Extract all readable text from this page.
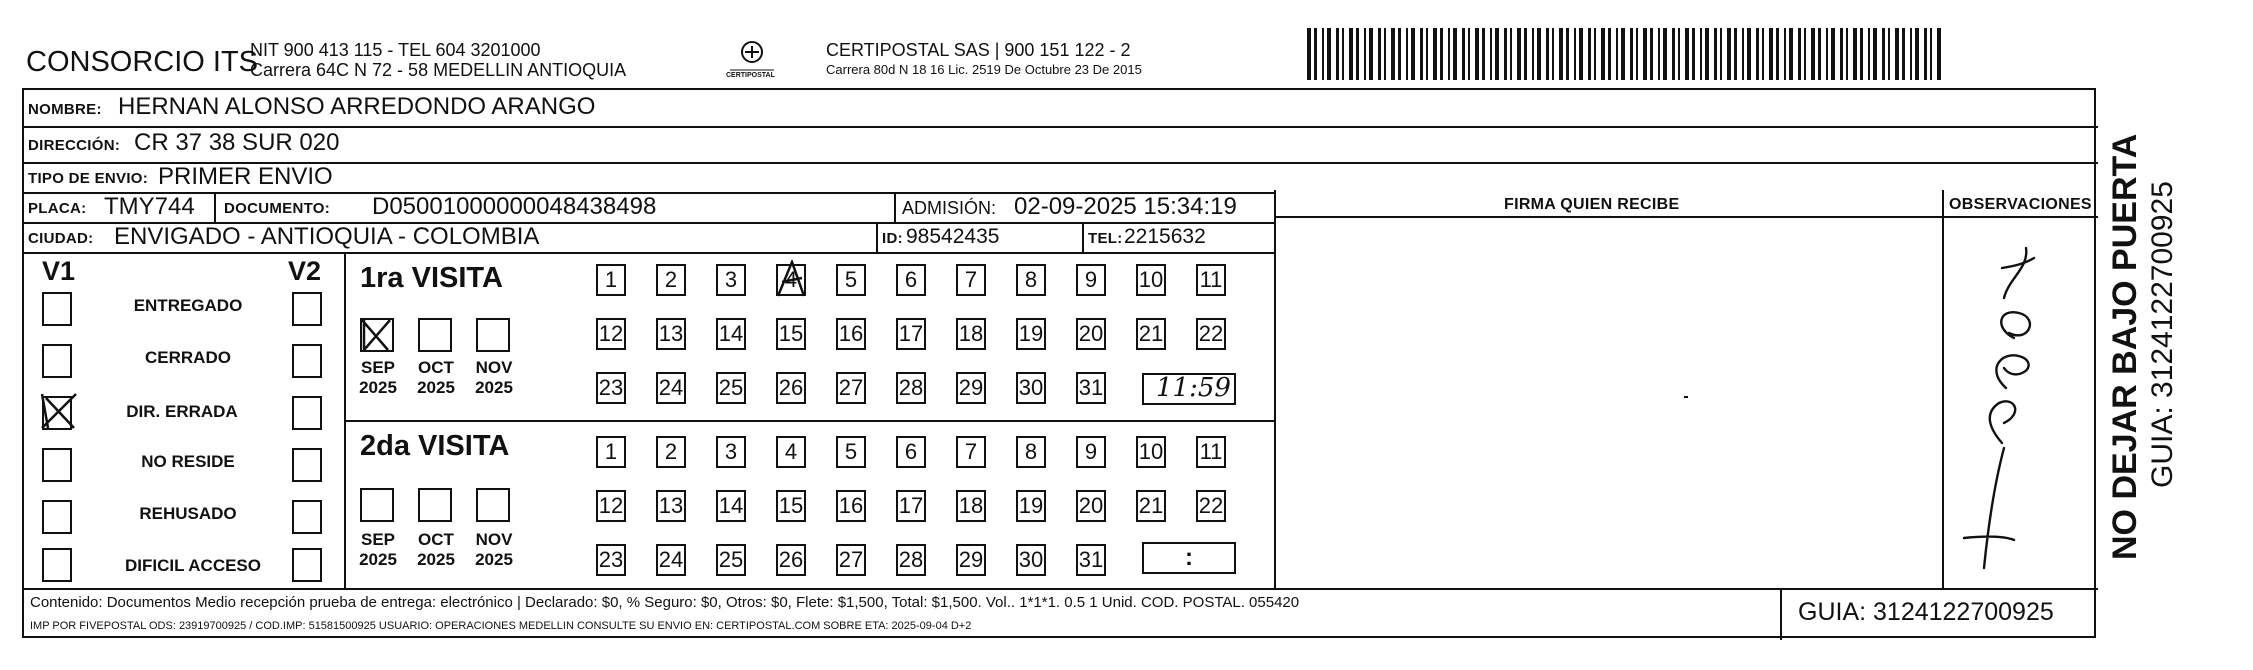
CONSORCIO ITS
NIT 900 413 115 - TEL 604 3201000
Carrera 64C N 72 - 58 MEDELLIN ANTIOQUIA	CERTIPOSTAL
CERTIPOSTAL SAS | 900 151 122 - 2
Carrera 80d N 18 16 Lic. 2519 De Octubre 23 De 2015
NOMBRE: HERNAN ALONSO ARREDONDO ARANGO
DIRECCIÓN: CR 37 38 SUR 020
TIPO DE ENVIO: PRIMER ENVIO
FIRMA QUIEN RECIBE	OBSERVACIONES
PLACA: TMY744 DOCUMENTO: D05001000000048438498	ADMISIÓN: 02-09-2025 15:34:19
CIUDAD: ENVIGADO - ANTIOQUIA - COLOMBIA	ID: 98542435	TEL: 2215632
V1	V2
ENTREGADO
CERRADO
DIR. ERRADA
NO RESIDE
REHUSADO
DIFICIL ACCESO
1ra VISITA
SEP
2025
OCT
2025
NOV
2025
1	2	3	4	5	6	7	8	9	10 11
12 13 14 15 16 17 18 19 20 21 22
23 24 25 26 27 28 29 30 31 11:59
2da VISITA
SEP
2025
OCT
2025
NOV
2025
1	2	3	4	5	6	7	8	9	10 11
12 13 14 15 16 17 18 19 20 21 22
23 24 25 26 27 28 29 30 31	:
Contenido: Documentos Medio recepción prueba de entrega: electrónico | Declarado: $0, % Seguro: $0, Otros: $0, Flete: $1,500, Total: $1,500. Vol.. 1*1*1. 0.5 1 Unid. COD. POSTAL. 055420
IMP POR FIVEPOSTAL ODS: 23919700925 / COD.IMP: 51581500925 USUARIO: OPERACIONES MEDELLIN CONSULTE SU ENVIO EN: CERTIPOSTAL.COM SOBRE ETA: 2025-09-04 D+2	GUIA: 3124122700925
NO DEJAR BAJO PUERTA GUIA: 3124122700925
